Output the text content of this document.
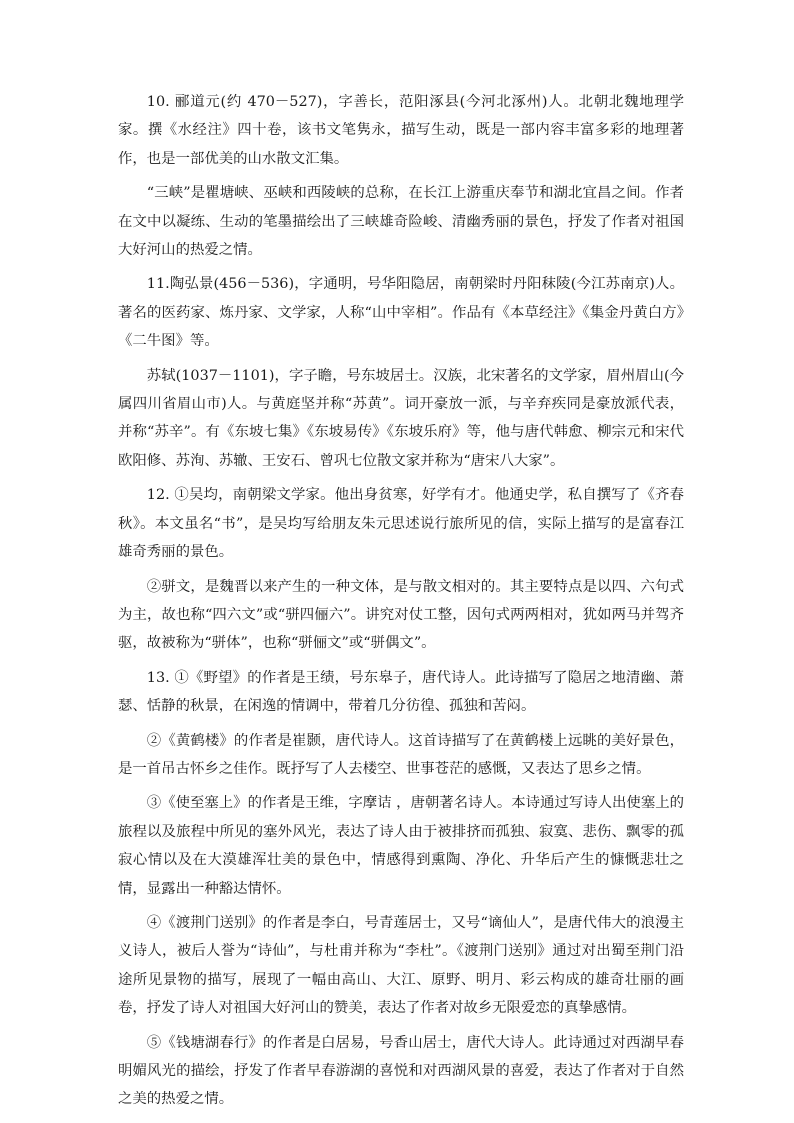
10. 郦道元(约 470－527)，字善长，范阳涿县(今河北涿州)人。北朝北魏地理学家。撰《水经注》四十卷，该书文笔隽永，描写生动，既是一部内容丰富多彩的地理著作，也是一部优美的山水散文汇集。

“三峡”是瞿塘峡、巫峡和西陵峡的总称，在长江上游重庆奉节和湖北宜昌之间。作者在文中以凝练、生动的笔墨描绘出了三峡雄奇险峻、清幽秀丽的景色，抒发了作者对祖国大好河山的热爱之情。

11.陶弘景(456－536)，字通明，号华阳隐居，南朝梁时丹阳秣陵(今江苏南京)人。著名的医药家、炼丹家、文学家，人称“山中宰相”。作品有《本草经注》《集金丹黄白方》《二牛图》等。

苏轼(1037－1101)，字子瞻，号东坡居士。汉族，北宋著名的文学家，眉州眉山(今属四川省眉山市)人。与黄庭坚并称“苏黄”。词开豪放一派，与辛弃疾同是豪放派代表，并称“苏辛”。有《东坡七集》《东坡易传》《东坡乐府》等，他与唐代韩愈、柳宗元和宋代欧阳修、苏洵、苏辙、王安石、曾巩七位散文家并称为“唐宋八大家”。

12. ①吴均，南朝梁文学家。他出身贫寒，好学有才。他通史学，私自撰写了《齐春秋》。本文虽名“书”，是吴均写给朋友朱元思述说行旅所见的信，实际上描写的是富春江雄奇秀丽的景色。

②骈文，是魏晋以来产生的一种文体，是与散文相对的。其主要特点是以四、六句式为主，故也称“四六文”或“骈四俪六”。讲究对仗工整，因句式两两相对，犹如两马并驾齐驱，故被称为“骈体”，也称“骈俪文”或“骈偶文”。

13. ①《野望》的作者是王绩，号东皋子，唐代诗人。此诗描写了隐居之地清幽、萧瑟、恬静的秋景，在闲逸的情调中，带着几分彷徨、孤独和苦闷。

②《黄鹤楼》的作者是崔颢，唐代诗人。这首诗描写了在黄鹤楼上远眺的美好景色，是一首吊古怀乡之佳作。既抒写了人去楼空、世事苍茫的感慨，又表达了思乡之情。

③《使至塞上》的作者是王维，字摩诘 ，唐朝著名诗人。本诗通过写诗人出使塞上的旅程以及旅程中所见的塞外风光，表达了诗人由于被排挤而孤独、寂寞、悲伤、飘零的孤寂心情以及在大漠雄浑壮美的景色中，情感得到熏陶、净化、升华后产生的慷慨悲壮之情，显露出一种豁达情怀。

④《渡荆门送别》的作者是李白，号青莲居士，又号“谪仙人”，是唐代伟大的浪漫主义诗人，被后人誉为“诗仙”，与杜甫并称为“李杜”。《渡荆门送别》通过对出蜀至荆门沿途所见景物的描写，展现了一幅由高山、大江、原野、明月、彩云构成的雄奇壮丽的画卷，抒发了诗人对祖国大好河山的赞美，表达了作者对故乡无限爱恋的真挚感情。

⑤《钱塘湖春行》的作者是白居易，号香山居士，唐代大诗人。此诗通过对西湖早春明媚风光的描绘，抒发了作者早春游湖的喜悦和对西湖风景的喜爱，表达了作者对于自然之美的热爱之情。
